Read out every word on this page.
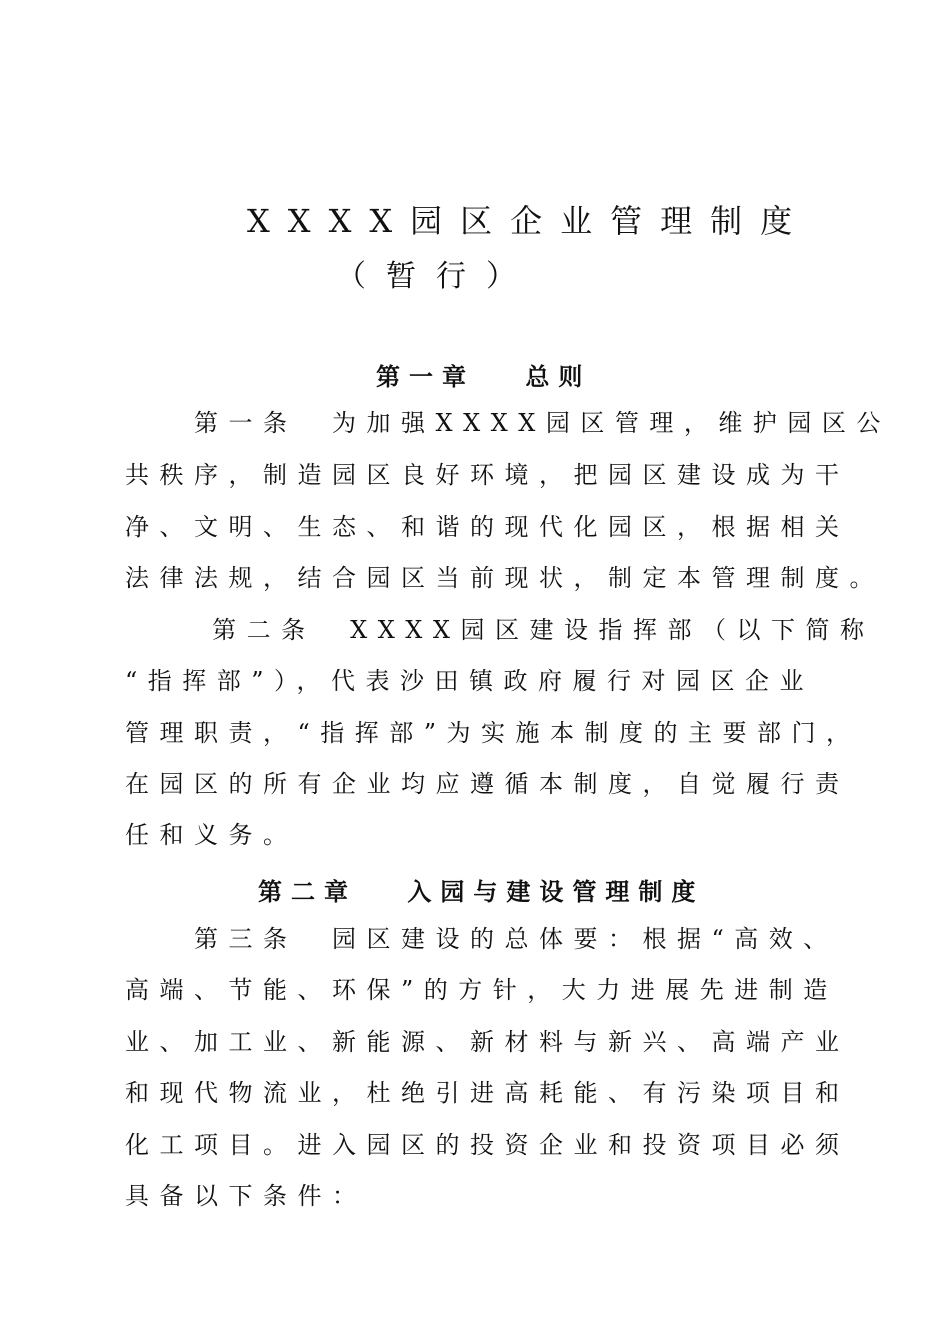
XXXX园区企业管理制度
（暂行）
第一章　 总则

　　第一条　为加强XXXX园区管理，维护园区公

共秩序，制造园区良好环境，把园区建设成为干

净、文明、生态、和谐的现代化园区，根据相关

法律法规，结合园区当前现状，制定本管理制度。

　　 第二条　XXXX园区建设指挥部（以下简称

“指挥部”），代表沙田镇政府履行对园区企业

管理职责，“指挥部”为实施本制度的主要部门，

在园区的所有企业均应遵循本制度，自觉履行责

任和义务。

第二章　 入园与建设管理制度

　　第三条　园区建设的总体要：根据“高效、

高端、节能、环保”的方针，大力进展先进制造

业、加工业、新能源、新材料与新兴、高端产业

和现代物流业，杜绝引进高耗能、有污染项目和

化工项目。进入园区的投资企业和投资项目必须

具备以下条件：
